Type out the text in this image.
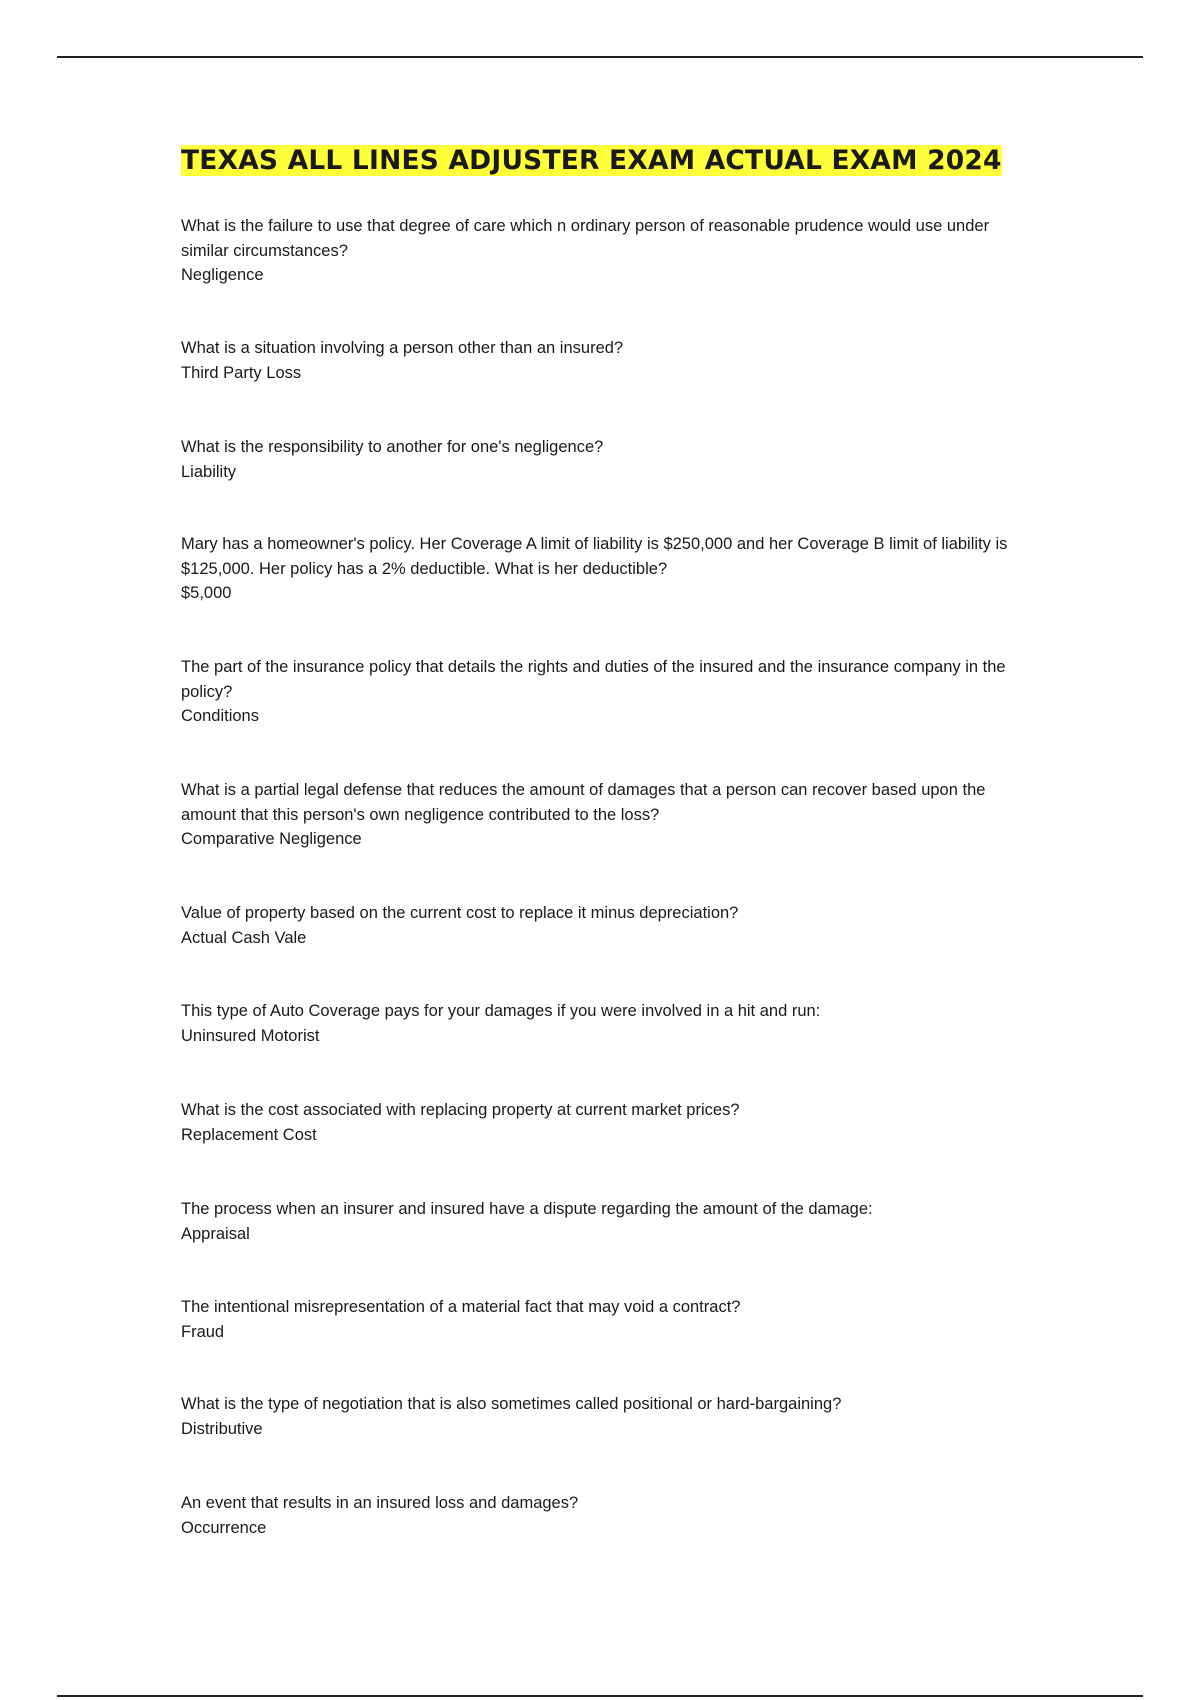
TEXAS ALL LINES ADJUSTER EXAM ACTUAL EXAM 2024
What is the failure to use that degree of care which n ordinary person of reasonable prudence would use under similar circumstances?
Negligence
What is a situation involving a person other than an insured?
Third Party Loss
What is the responsibility to another for one's negligence?
Liability
Mary has a homeowner's policy. Her Coverage A limit of liability is $250,000 and her Coverage B limit of liability is $125,000. Her policy has a 2% deductible. What is her deductible?
$5,000
The part of the insurance policy that details the rights and duties of the insured and the insurance company in the policy?
Conditions
What is a partial legal defense that reduces the amount of damages that a person can recover based upon the amount that this person's own negligence contributed to the loss?
Comparative Negligence
Value of property based on the current cost to replace it minus depreciation?
Actual Cash Vale
This type of Auto Coverage pays for your damages if you were involved in a hit and run:
Uninsured Motorist
What is the cost associated with replacing property at current market prices?
Replacement Cost
The process when an insurer and insured have a dispute regarding the amount of the damage:
Appraisal
The intentional misrepresentation of a material fact that may void a contract?
Fraud
What is the type of negotiation that is also sometimes called positional or hard-bargaining?
Distributive
An event that results in an insured loss and damages?
Occurrence
